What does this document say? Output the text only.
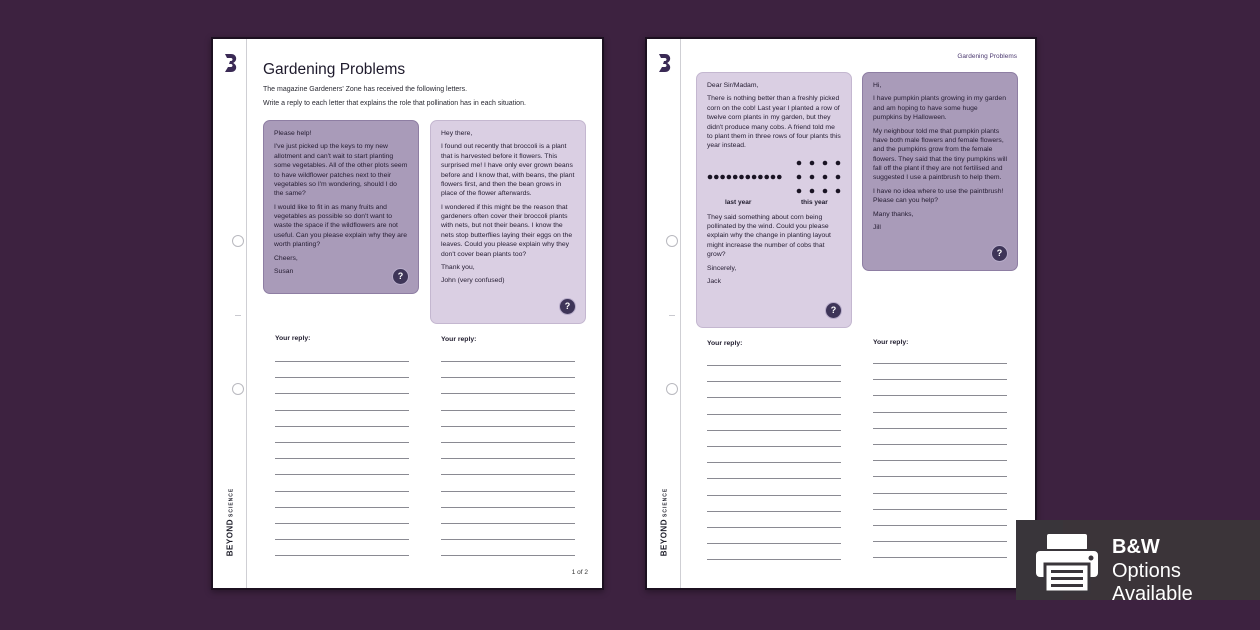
BEYONDSCIENCE
Gardening Problems
The magazine Gardeners' Zone has received the following letters.
Write a reply to each letter that explains the role that pollination has in each situation.

Please help!

I've just picked up the keys to my new allotment and can't wait to start planting some vegetables. All of the other plots seem to have wildflower patches next to their vegetables so I'm wondering, should I do the same?

I would like to fit in as many fruits and vegetables as possible so don't want to waste the space if the wildflowers are not useful. Can you please explain why they are worth planting?

Cheers,

Susan	?

Hey there,

I found out recently that broccoli is a plant that is harvested before it flowers. This surprised me! I have only ever grown beans before and I know that, with beans, the plant flowers first, and then the bean grows in place of the flower afterwards.

I wondered if this might be the reason that gardeners often cover their broccoli plants with nets, but not their beans. I know the nets stop butterflies laying their eggs on the leaves. Could you please explain why they don't cover bean plants too?

Thank you,

John (very confused)

?
Your reply:	Your reply:
1 of 2
BEYONDSCIENCE
Gardening Problems

Dear Sir/Madam,

There is nothing better than a freshly picked corn on the cob! Last year I planted a row of twelve corn plants in my garden, but they didn't produce many cobs. A friend told me to plant them in three rows of four plants this year instead.

last year	this year

They said something about corn being pollinated by the wind. Could you please explain why the change in planting layout might increase the number of cobs that grow?

Sincerely,

Jack

?

Hi,

I have pumpkin plants growing in my garden and am hoping to have some huge pumpkins by Halloween.

My neighbour told me that pumpkin plants have both male flowers and female flowers, and the pumpkins grow from the female flowers. They said that the tiny pumpkins will fall off the plant if they are not fertilised and suggested I use a paintbrush to help them.

I have no idea where to use the paintbrush! Please can you help?

Many thanks,

Jill

?
Your reply:	Your reply:
B&W
Options Available
